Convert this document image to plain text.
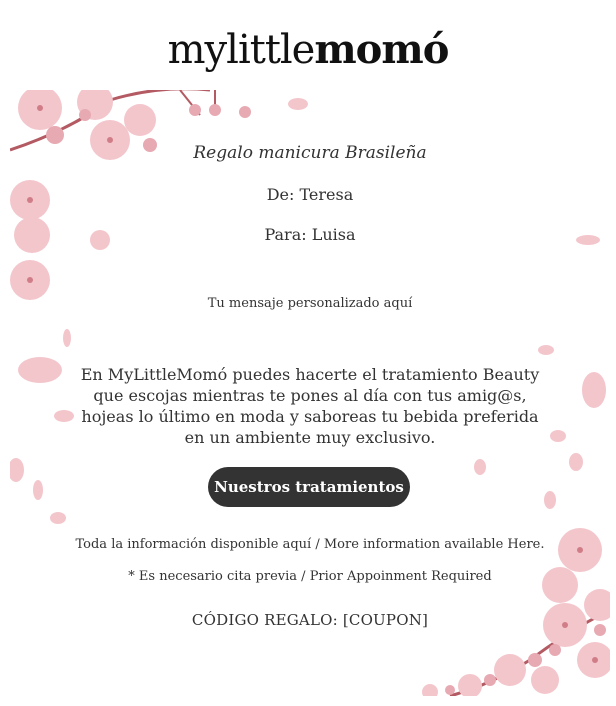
mylittlemomó
Regalo manicura Brasileña
De: Teresa
Para: Luisa
Tu mensaje personalizado aquí
En MyLittleMomó puedes hacerte el tratamiento Beauty que escojas mientras te pones al día con tus amig@s, hojeas lo último en moda y saboreas tu bebida preferida en un ambiente muy exclusivo.
Nuestros tratamientos
Toda la información disponible aquí / More information available Here.
* Es necesario cita previa / Prior Appoinment Required
CÓDIGO REGALO: [COUPON]
